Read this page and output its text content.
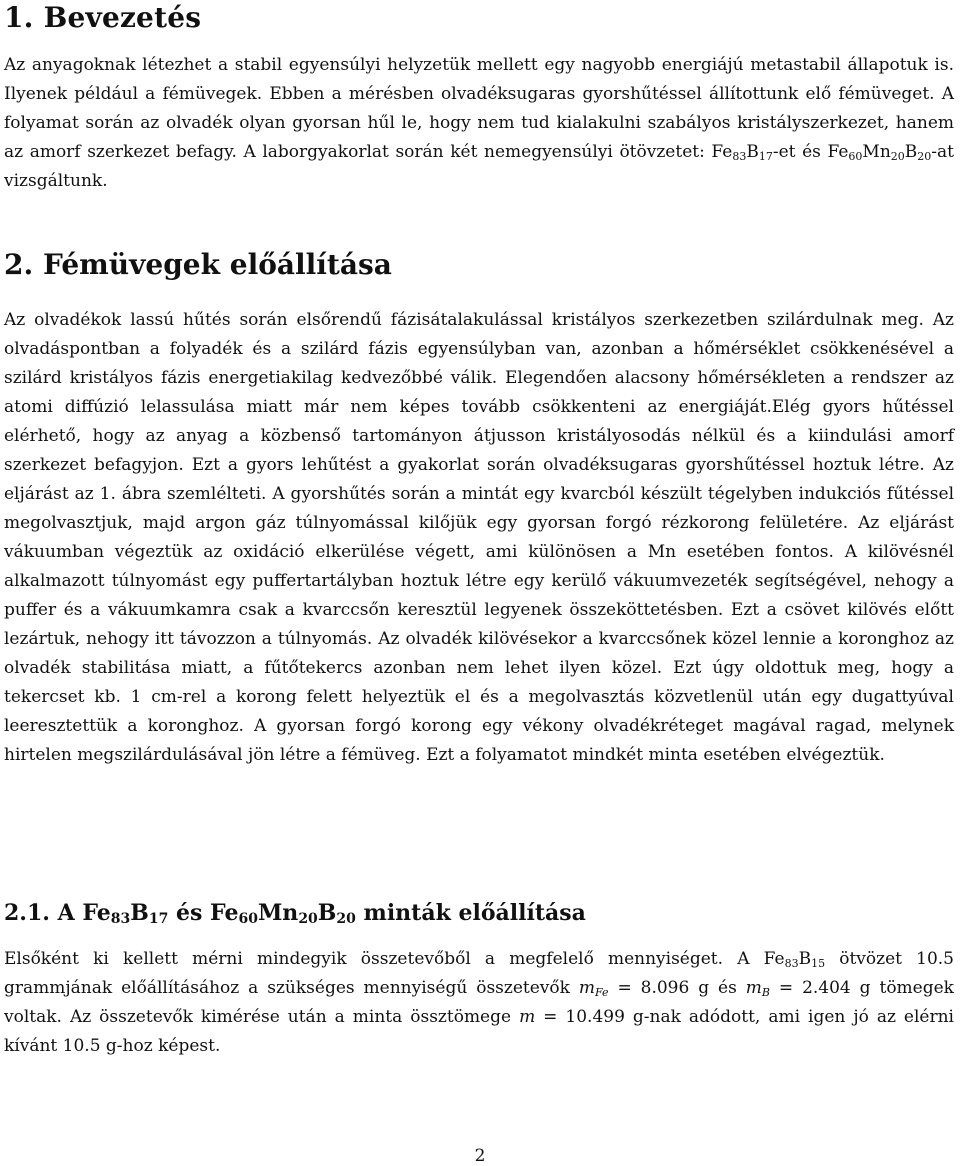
1. Bevezetés

Az anyagoknak létezhet a stabil egyensúlyi helyzetük mellett egy nagyobb energiájú metastabil állapotuk is. Ilyenek például a fémüvegek. Ebben a mérésben olvadéksugaras gyorshűtéssel állítottunk elő fémüveget. A folyamat során az olvadék olyan gyorsan hűl le, hogy nem tud kialakulni szabályos kristályszerkezet, hanem az amorf szerkezet befagy. A laborgyakorlat során két nemegyensúlyi ötövzetet: $Fe_{83}B_{17}-et$ és $Fe_{60}Mn_{20}B_{20}-at$ vizsgáltunk.

2. Fémüvegek előállítása

Az olvadékok lassú hűtés során elsőrendű fázisátalakulással kristályos szerkezetben szilárdulnak meg. Az olvadáspontban a folyadék és a szilárd fázis egyensúlyban van, azonban a hőmérséklet csökkenésével a szilárd kristályos fázis energetiakilag kedvezőbbé válik. Elegendően alacsony hőmérsékleten a rendszer az atomi diffúzió lelassulása miatt már nem képes tovább csökkenteni az energiáját.Elég gyors hűtéssel elérhető, hogy az anyag a közbenső tartományon átjusson kristályosodás nélkül és a kiindulási amorf szerkezet befagyjon. Ezt a gyors lehűtést a gyakorlat során olvadéksugaras gyorshűtéssel hoztuk létre. Az eljárást az 1. ábra szemlélteti. A gyorshűtés során a mintát egy kvarcból készült tégelyben indukciós fűtéssel megolvasztjuk, majd argon gáz túlnyomással kilőjük egy gyorsan forgó rézkorong felületére. Az eljárást vákuumban végeztük az oxidáció elkerülése végett, ami különösen a Mn esetében fontos. A kilövésnél alkalmazott túlnyomást egy puffertartályban hoztuk létre egy kerülő vákuumvezeték segítségével, nehogy a puffer és a vákuumkamra csak a kvarccsőn keresztül legyenek összeköttetésben. Ezt a csövet kilövés előtt lezártuk, nehogy itt távozzon a túlnyomás. Az olvadék kilövésekor a kvarccsőnek közel lennie a koronghoz az olvadék stabilitása miatt, a fűtőtekercs azonban nem lehet ilyen közel. Ezt úgy oldottuk meg, hogy a tekercset kb. 1 cm-rel a korong felett helyeztük el és a megolvasztás közvetlenül után egy dugattyúval leeresztettük a koronghoz. A gyorsan forgó korong egy vékony olvadékréteget magával ragad, melynek hirtelen megszilárdulásával jön létre a fémüveg. Ezt a folyamatot mindkét minta esetében elvégeztük.

2.1. A $Fe_{83}B_{17}$ és $Fe_{60}Mn_{20}B_{20}$ minták előállítása

Elsőként ki kellett mérni mindegyik összetevőből a megfelelő mennyiséget. A $Fe_{83}B_{15}$ ötvözet 10.5 grammjának előállításához a szükséges mennyiségű összetevők $m_{Fe} = 8.096$ g és $m_B = 2.404$ g tömegek voltak. Az összetevők kimérése után a minta össztömege m = 10.499 g-nak adódott, ami igen jó az elérni kívánt 10.5 g-hoz képest.

2
